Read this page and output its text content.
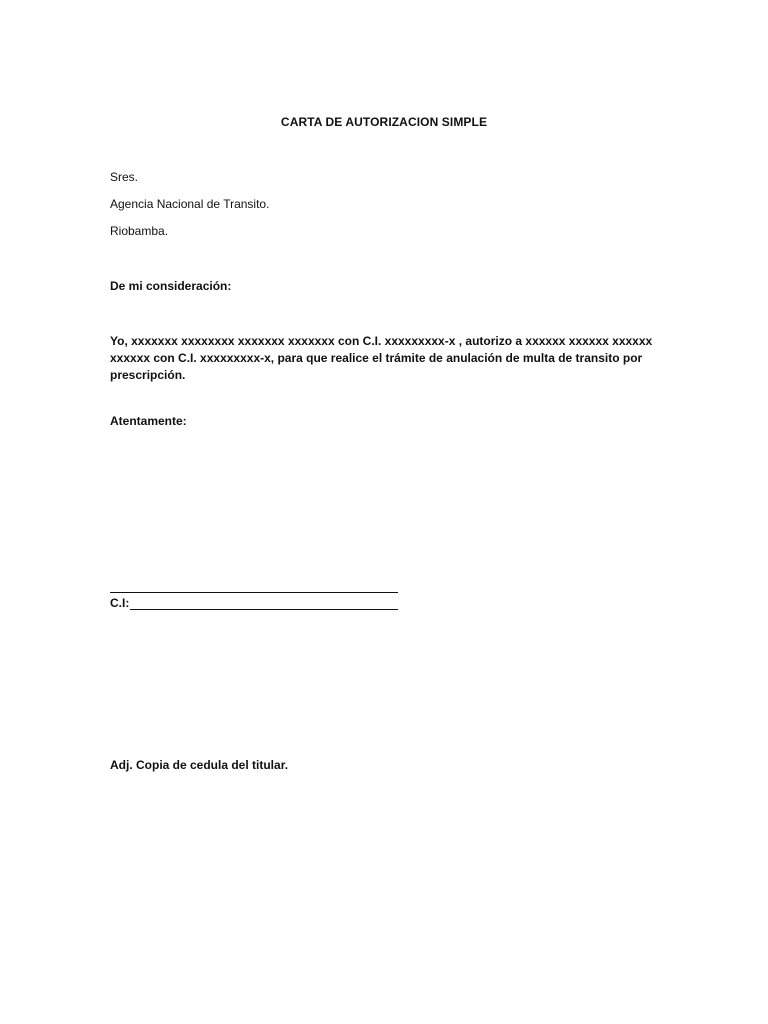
CARTA DE AUTORIZACION SIMPLE
Sres.
Agencia Nacional de Transito.
Riobamba.
De mi consideración:
Yo, xxxxxxx xxxxxxxx xxxxxxx xxxxxxx con C.I. xxxxxxxxx-x , autorizo a xxxxxx xxxxxx xxxxxx xxxxxx con C.I. xxxxxxxxx-x, para que realice el trámite de anulación de multa de transito por prescripción.
Atentamente:
C.I:
Adj. Copia de cedula del titular.
